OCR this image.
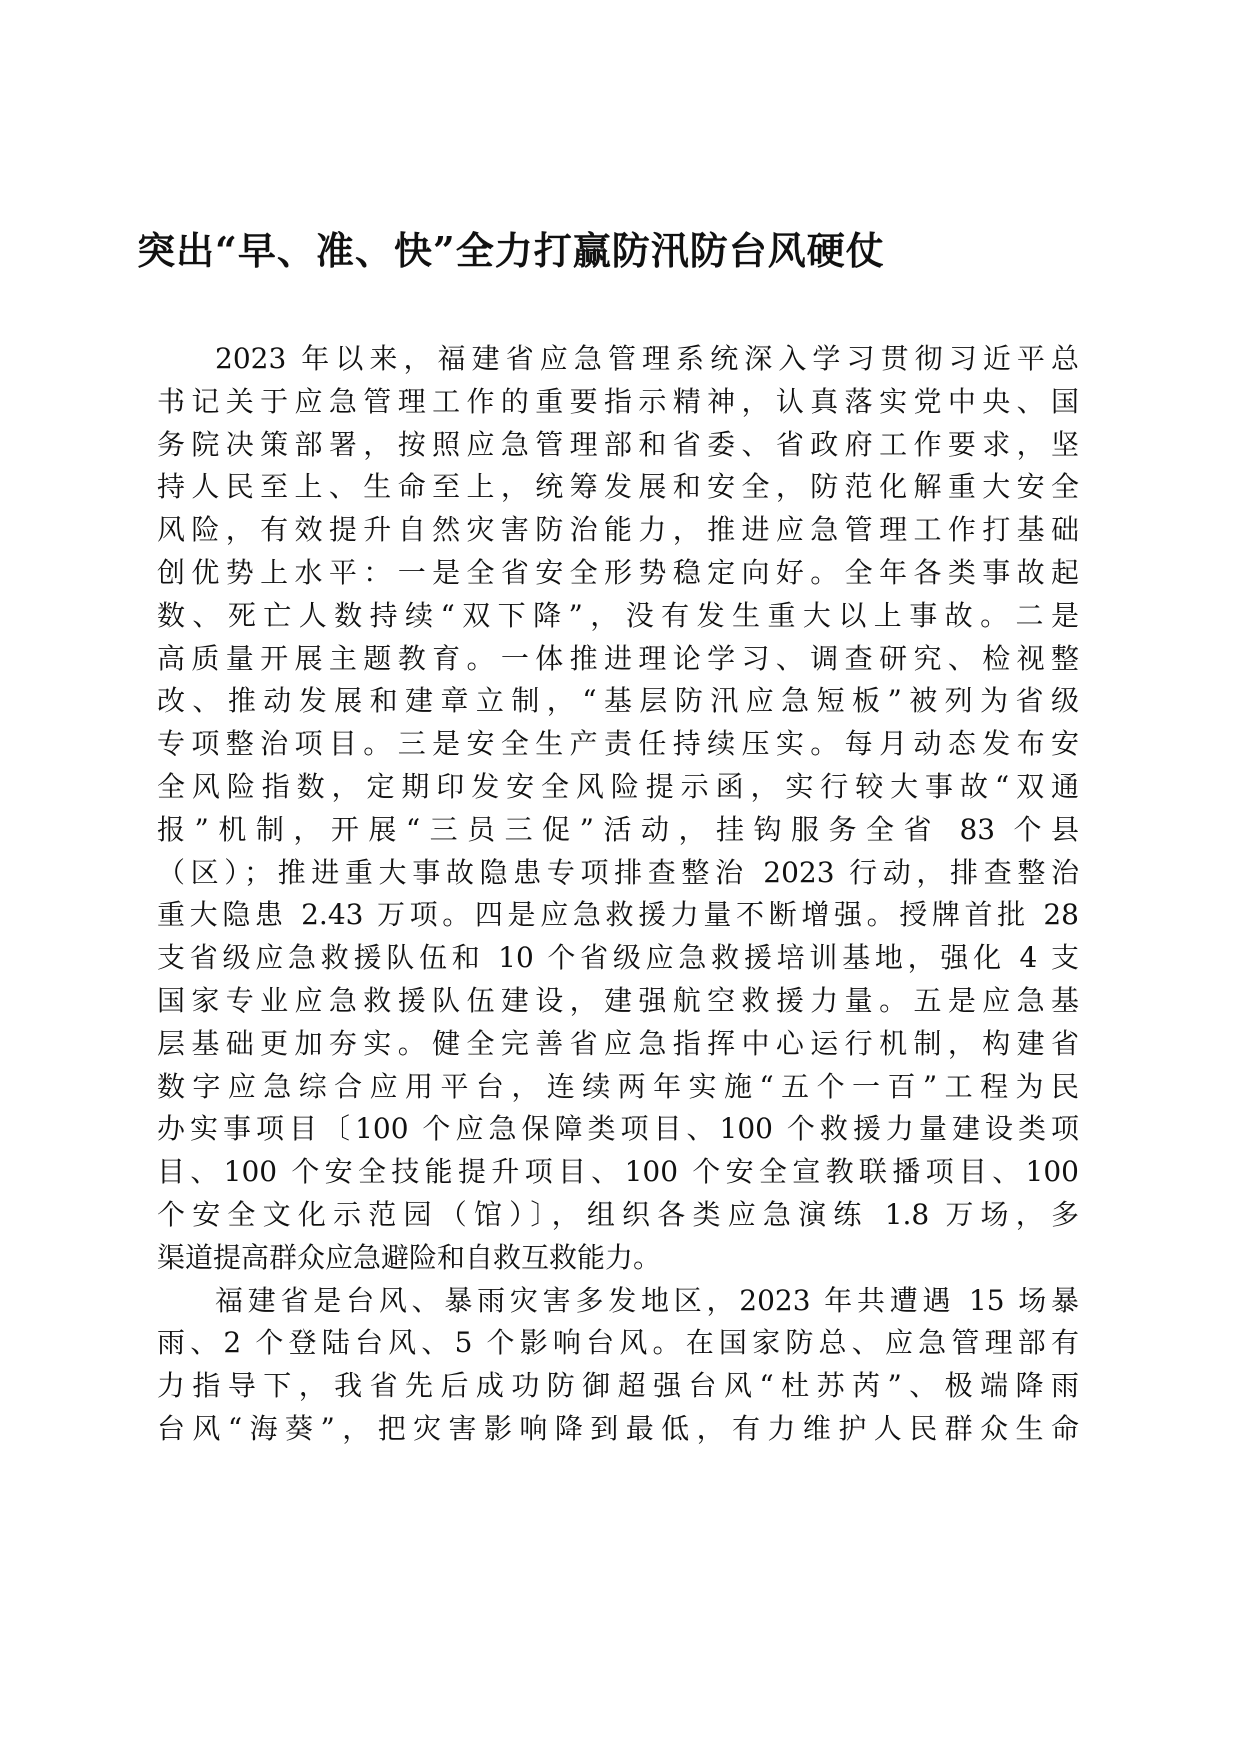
突出“早、准、快”全力打赢防汛防台风硬仗
2023 年以来，福建省应急管理系统深入学习贯彻习近平总
书记关于应急管理工作的重要指示精神，认真落实党中央、国
务院决策部署，按照应急管理部和省委、省政府工作要求，坚
持人民至上、生命至上，统筹发展和安全，防范化解重大安全
风险，有效提升自然灾害防治能力，推进应急管理工作打基础
创优势上水平：一是全省安全形势稳定向好。全年各类事故起
数、死亡人数持续“双下降”，没有发生重大以上事故。二是
高质量开展主题教育。一体推进理论学习、调查研究、检视整
改、推动发展和建章立制，“基层防汛应急短板”被列为省级
专项整治项目。三是安全生产责任持续压实。每月动态发布安
全风险指数，定期印发安全风险提示函，实行较大事故“双通
报”机制，开展“三员三促”活动，挂钩服务全省 83 个县
（区）；推进重大事故隐患专项排查整治 2023 行动，排查整治
重大隐患 2.43 万项。四是应急救援力量不断增强。授牌首批 28
支省级应急救援队伍和 10 个省级应急救援培训基地，强化 4 支
国家专业应急救援队伍建设，建强航空救援力量。五是应急基
层基础更加夯实。健全完善省应急指挥中心运行机制，构建省
数字应急综合应用平台，连续两年实施“五个一百”工程为民
办实事项目〔100 个应急保障类项目、100 个救援力量建设类项
目、100 个安全技能提升项目、100 个安全宣教联播项目、100
个安全文化示范园（馆）〕，组织各类应急演练 1.8 万场，多
渠道提高群众应急避险和自救互救能力。
福建省是台风、暴雨灾害多发地区，2023 年共遭遇 15 场暴
雨、2 个登陆台风、5 个影响台风。在国家防总、应急管理部有
力指导下，我省先后成功防御超强台风“杜苏芮”、极端降雨
台风“海葵”，把灾害影响降到最低，有力维护人民群众生命
